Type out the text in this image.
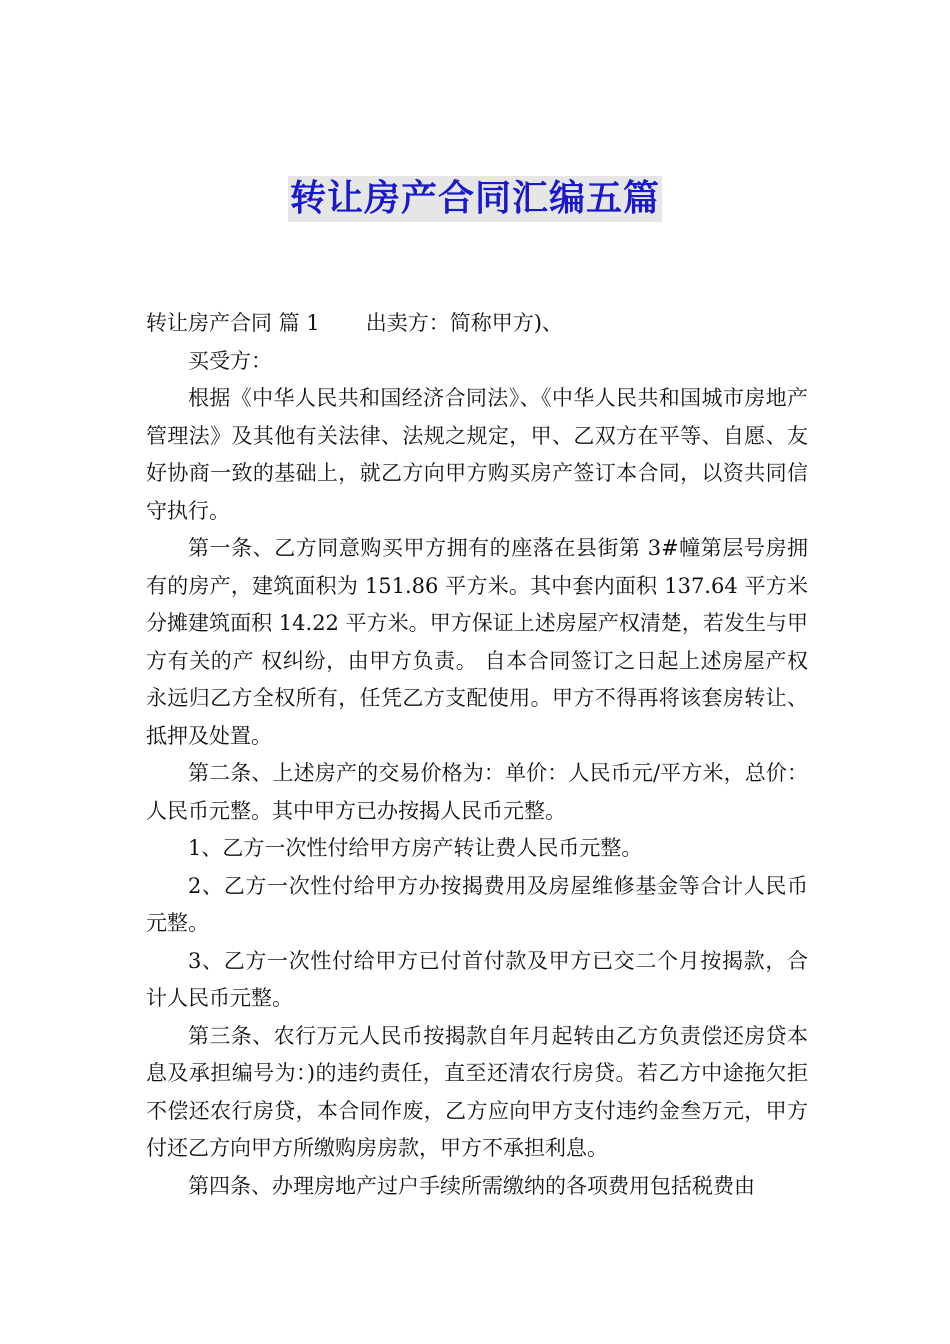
转让房产合同汇编五篇

转让房产合同 篇 1 出卖方：简称甲方)、

买受方：

根据《中华人民共和国经济合同法》、《中华人民共和国城市房地产管理法》及其他有关法律、法规之规定，甲、乙双方在平等、自愿、友好协商一致的基础上，就乙方向甲方购买房产签订本合同，以资共同信守执行。

第一条、乙方同意购买甲方拥有的座落在县街第 3#幢第层号房拥有的房产，建筑面积为 151.86 平方米。其中套内面积 137.64 平方米分摊建筑面积 14.22 平方米。甲方保证上述房屋产权清楚，若发生与甲方有关的产 权纠纷，由甲方负责。 自本合同签订之日起上述房屋产权永远归乙方全权所有，任凭乙方支配使用。甲方不得再将该套房转让、抵押及处置。

第二条、上述房产的交易价格为：单价：人民币元/平方米，总价：人民币元整。其中甲方已办按揭人民币元整。

1、乙方一次性付给甲方房产转让费人民币元整。

2、乙方一次性付给甲方办按揭费用及房屋维修基金等合计人民币元整。

3、乙方一次性付给甲方已付首付款及甲方已交二个月按揭款，合计人民币元整。

第三条、农行万元人民币按揭款自年月起转由乙方负责偿还房贷本息及承担编号为：)的违约责任，直至还清农行房贷。若乙方中途拖欠拒不偿还农行房贷，本合同作废，乙方应向甲方支付违约金叁万元，甲方付还乙方向甲方所缴购房房款，甲方不承担利息。

第四条、办理房地产过户手续所需缴纳的各项费用包括税费由
